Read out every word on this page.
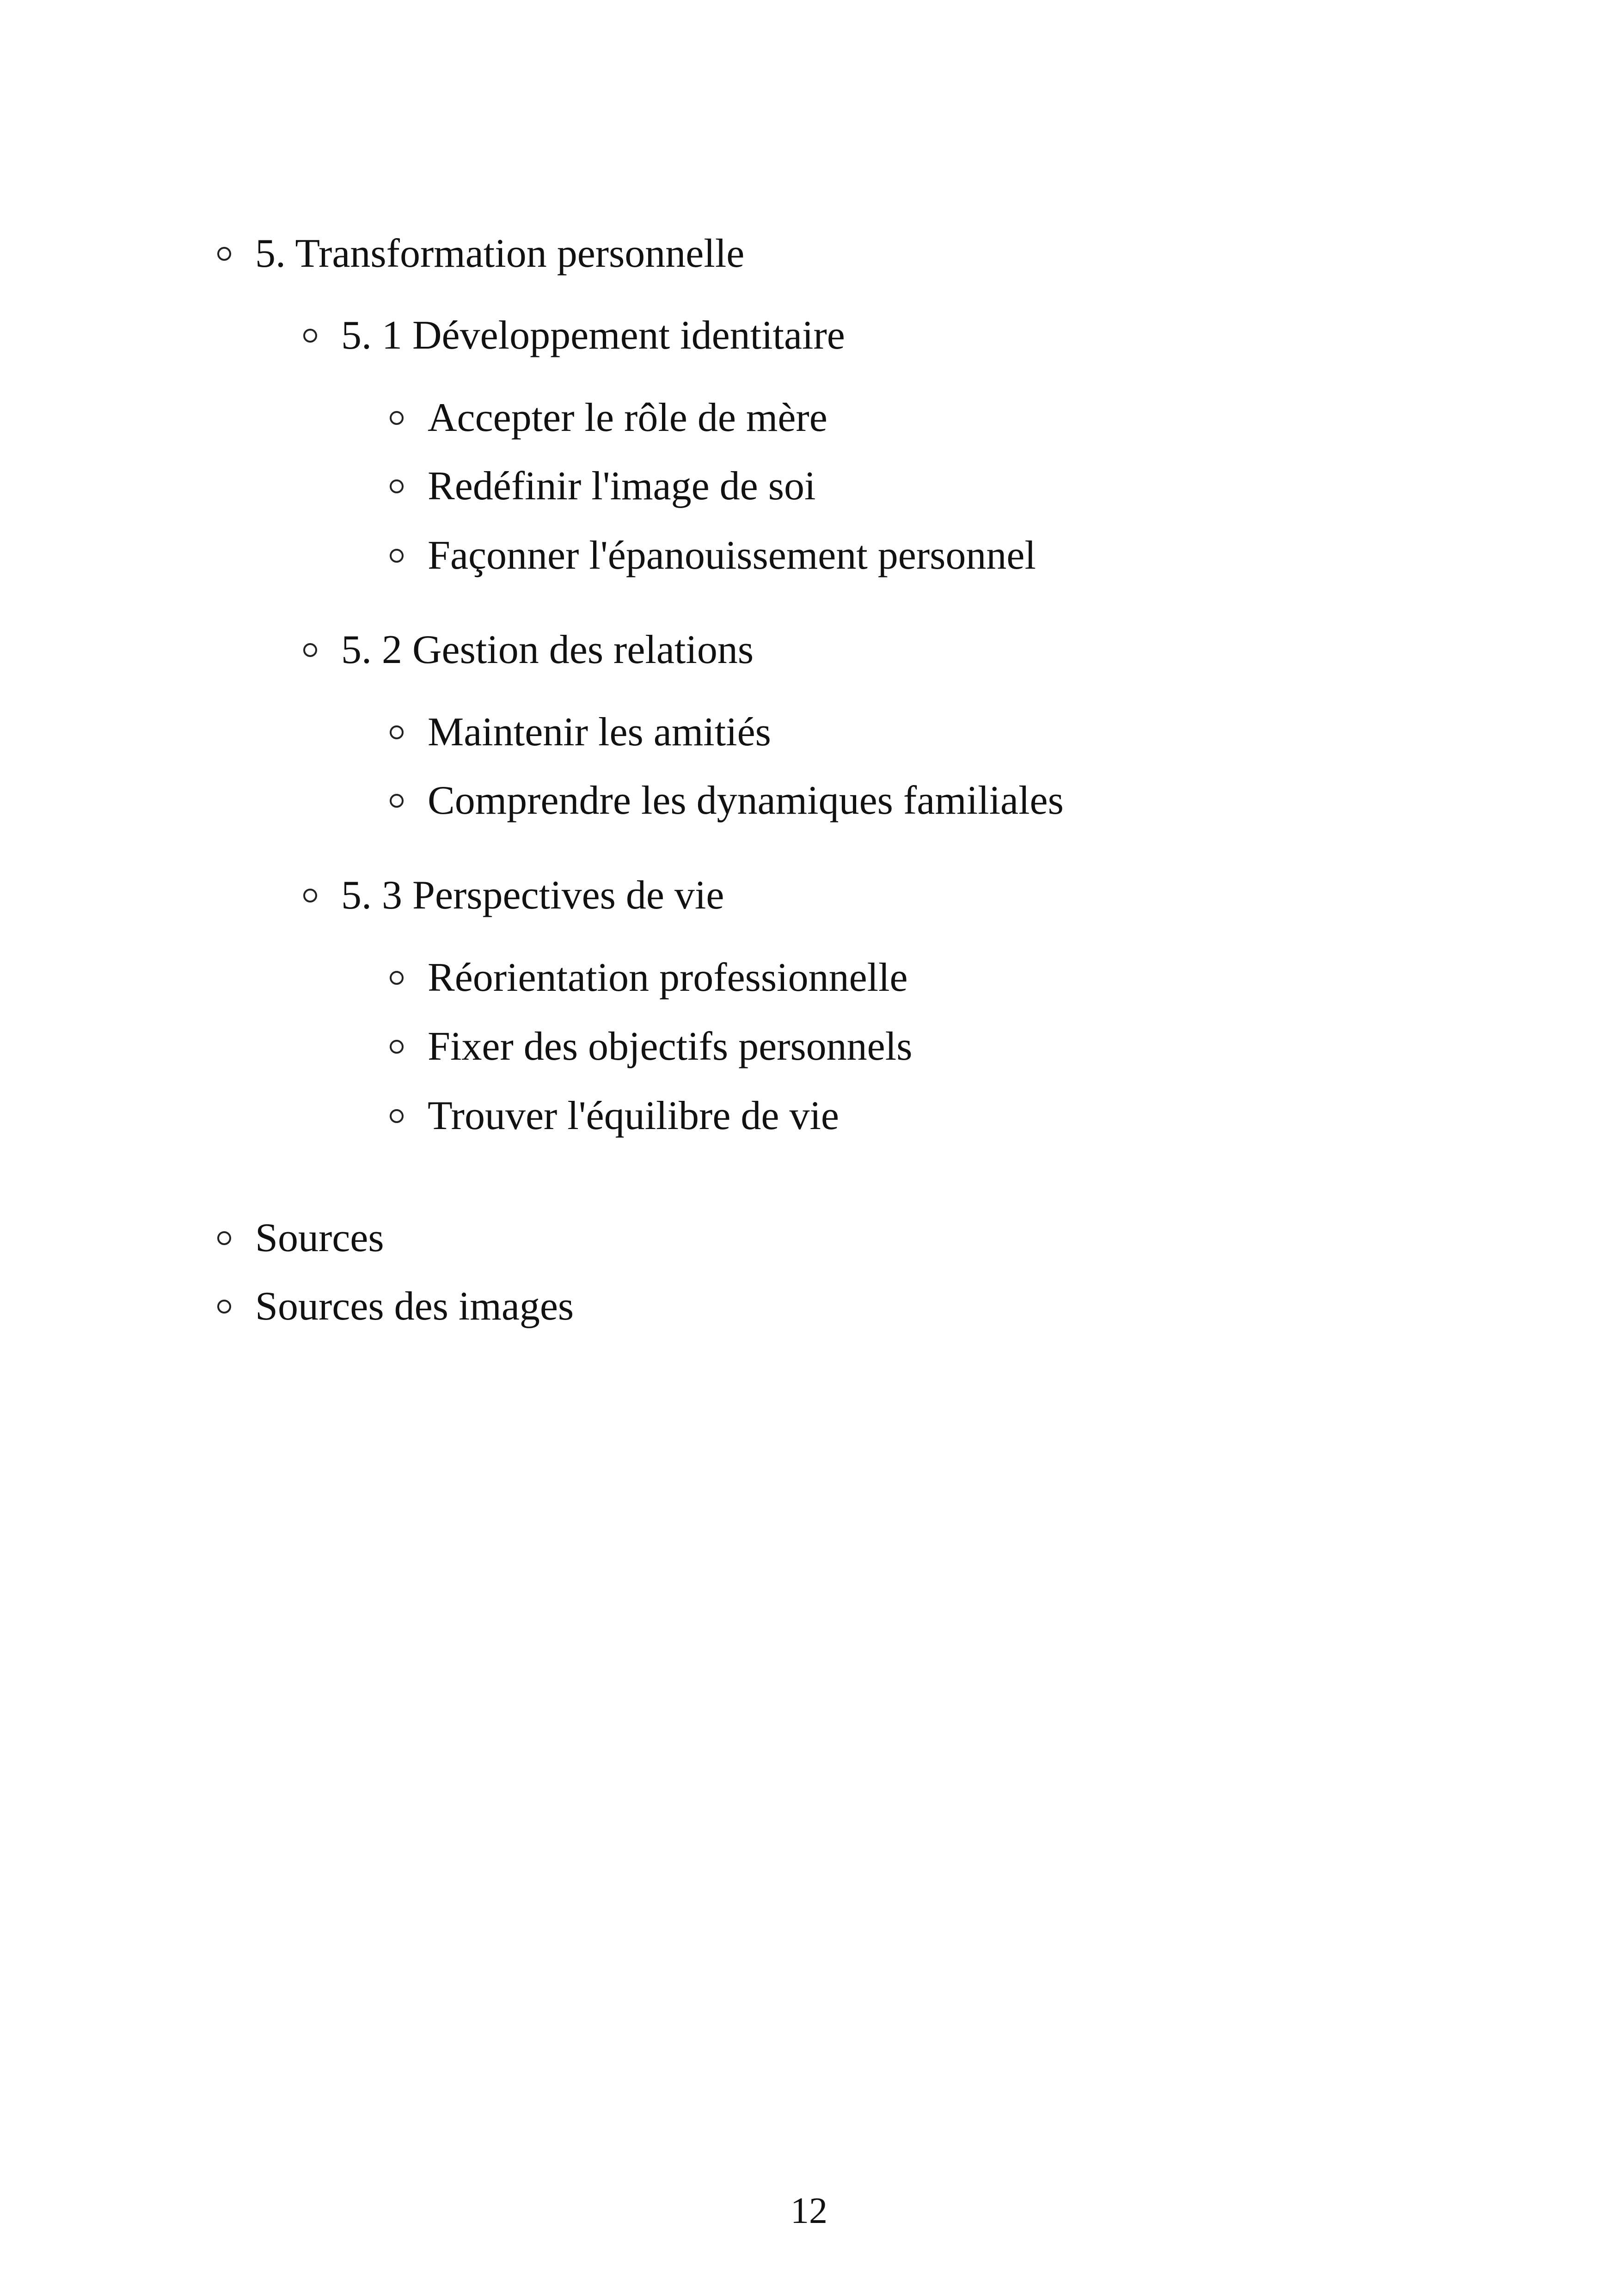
5. Transformation personnelle
5. 1 Développement identitaire
Accepter le rôle de mère
Redéfinir l'image de soi
Façonner l'épanouissement personnel
5. 2 Gestion des relations
Maintenir les amitiés
Comprendre les dynamiques familiales
5. 3 Perspectives de vie
Réorientation professionnelle
Fixer des objectifs personnels
Trouver l'équilibre de vie
Sources
Sources des images
12
